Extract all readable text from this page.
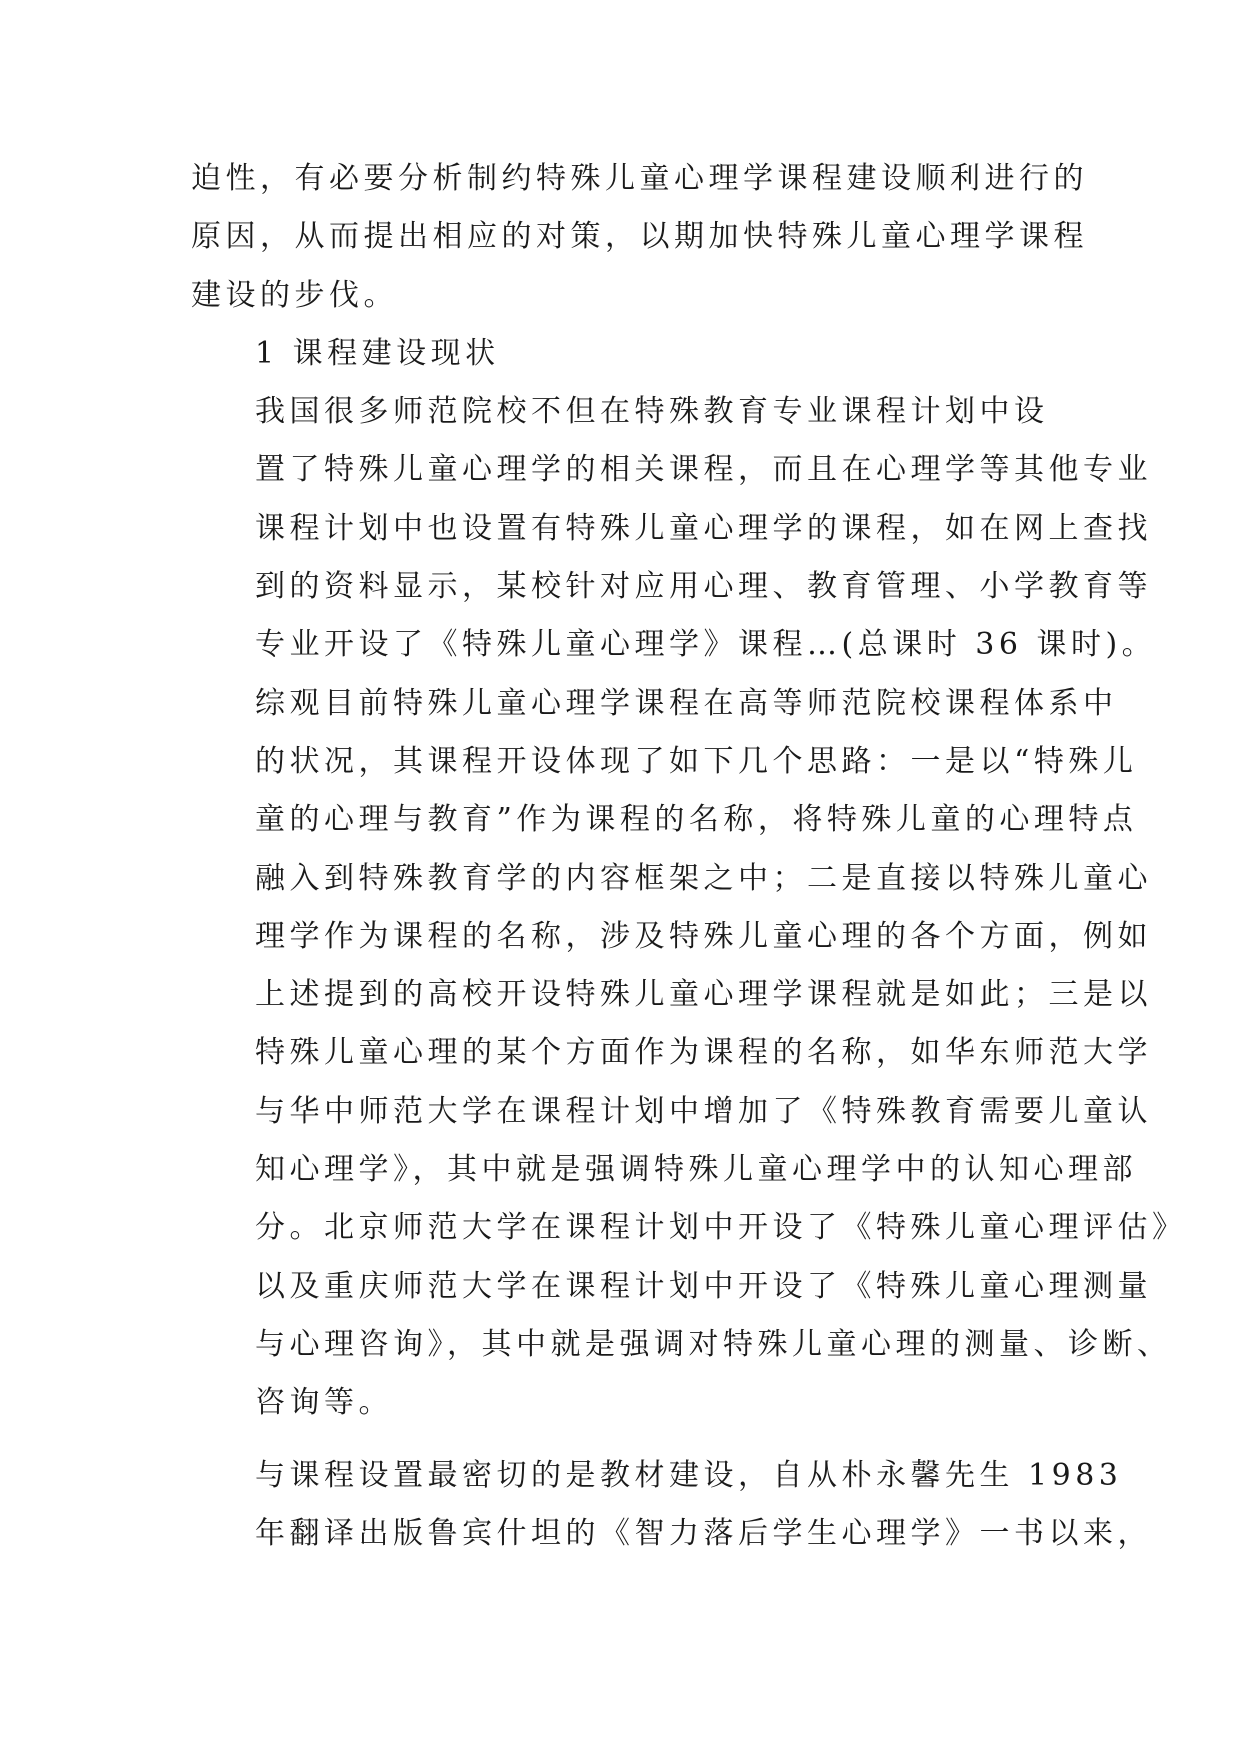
迫性，有必要分析制约特殊儿童心理学课程建设顺利进行的
原因，从而提出相应的对策，以期加快特殊儿童心理学课程
建设的步伐。

1 课程建设现状

我国很多师范院校不但在特殊教育专业课程计划中设
置了特殊儿童心理学的相关课程，而且在心理学等其他专业
课程计划中也设置有特殊儿童心理学的课程，如在网上查找
到的资料显示，某校针对应用心理、教育管理、小学教育等
专业开设了《特殊儿童心理学》课程…(总课时 36 课时)。
综观目前特殊儿童心理学课程在高等师范院校课程体系中
的状况，其课程开设体现了如下几个思路：一是以“特殊儿
童的心理与教育”作为课程的名称，将特殊儿童的心理特点
融入到特殊教育学的内容框架之中；二是直接以特殊儿童心
理学作为课程的名称，涉及特殊儿童心理的各个方面，例如
上述提到的高校开设特殊儿童心理学课程就是如此；三是以
特殊儿童心理的某个方面作为课程的名称，如华东师范大学
与华中师范大学在课程计划中增加了《特殊教育需要儿童认
知心理学》，其中就是强调特殊儿童心理学中的认知心理部
分。北京师范大学在课程计划中开设了《特殊儿童心理评估》
以及重庆师范大学在课程计划中开设了《特殊儿童心理测量
与心理咨询》，其中就是强调对特殊儿童心理的测量、诊断、
咨询等。

与课程设置最密切的是教材建设，自从朴永馨先生 1983
年翻译出版鲁宾什坦的《智力落后学生心理学》一书以来，
